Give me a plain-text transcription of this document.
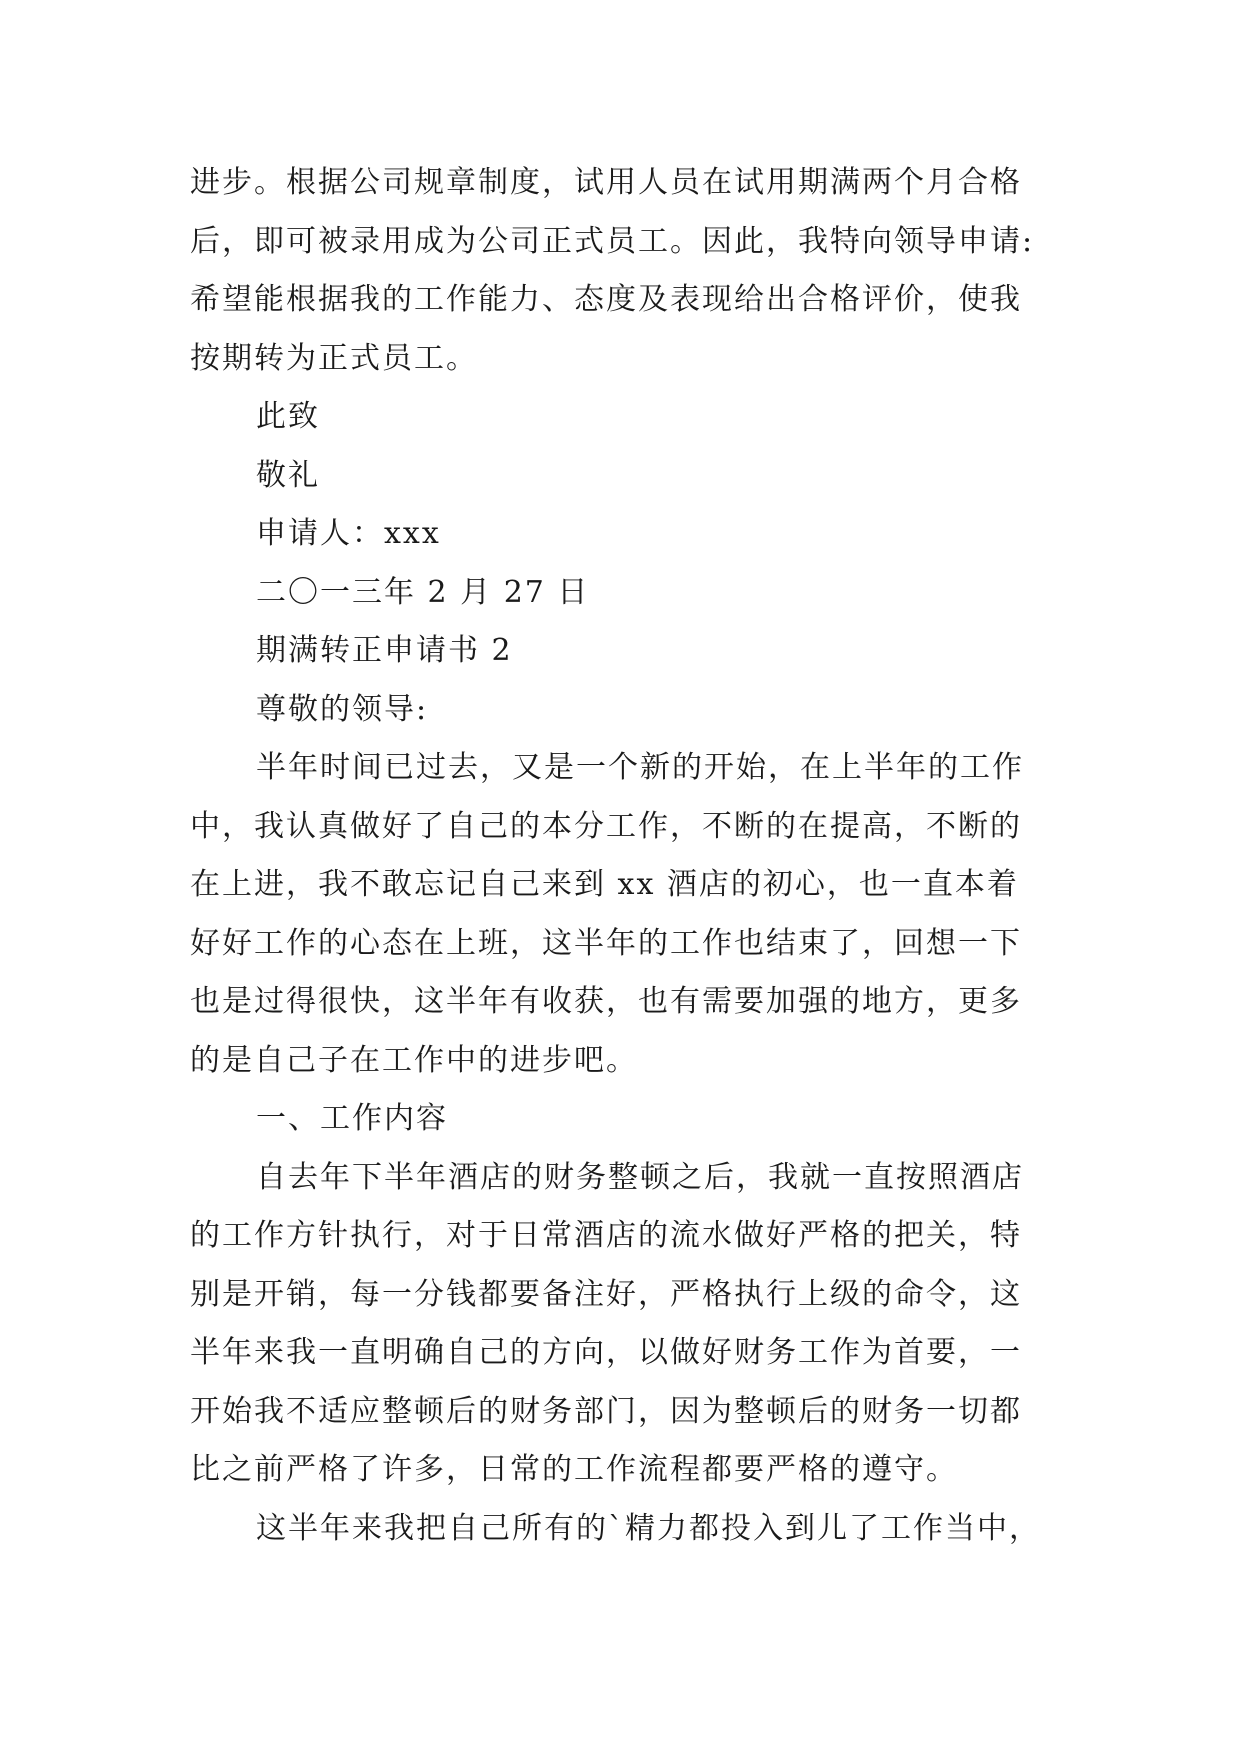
进步。根据公司规章制度，试用人员在试用期满两个月合格
后，即可被录用成为公司正式员工。因此，我特向领导申请:
希望能根据我的工作能力、态度及表现给出合格评价，使我
按期转为正式员工。
此致
敬礼
申请人：xxx
二〇一三年 2 月 27 日
期满转正申请书 2
尊敬的领导:
半年时间已过去，又是一个新的开始，在上半年的工作
中，我认真做好了自己的本分工作，不断的在提高，不断的
在上进，我不敢忘记自己来到 xx 酒店的初心，也一直本着
好好工作的心态在上班，这半年的工作也结束了，回想一下
也是过得很快，这半年有收获，也有需要加强的地方，更多
的是自己子在工作中的进步吧。
一、工作内容
自去年下半年酒店的财务整顿之后，我就一直按照酒店
的工作方针执行，对于日常酒店的流水做好严格的把关，特
别是开销，每一分钱都要备注好，严格执行上级的命令，这
半年来我一直明确自己的方向，以做好财务工作为首要，一
开始我不适应整顿后的财务部门，因为整顿后的财务一切都
比之前严格了许多，日常的工作流程都要严格的遵守。
这半年来我把自己所有的`精力都投入到儿了工作当中，
